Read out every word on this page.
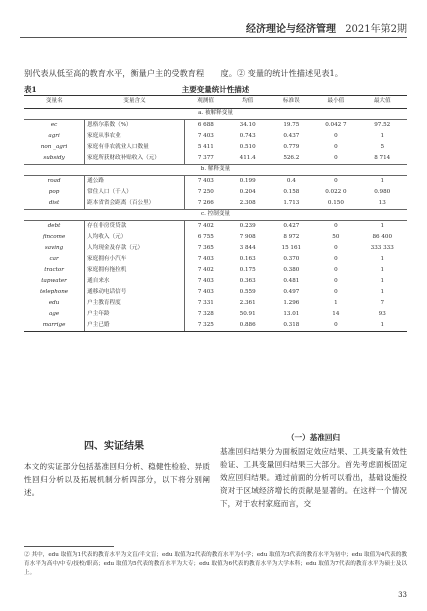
经济理论与经济管理 2021年第2期
别代表从低至高的教育水平，衡量户主的受教育程　　度。② 变量的统计性描述见表1。
表1	主要变量统计性描述
变量名	变量含义	观测值	均值	标准误	最小值	最大值
a. 被解释变量						
ec	恩格尔系数（%）	6 688	34.10	19.75	0.042 7	97.52
agri	家庭从事农业	7 403	0.743	0.437	0	1
non _agri	家庭有非农就业人口数量	5 411	0.510	0.779	0	5
subsidy	家庭所获财政补贴收入（元）	7 377	411.4	526.2	0	8 714
b. 解释变量						
road	通公路	7 403	0.199	0.4	0	1
pop	常住人口（千人）	7 250	0.204	0.158	0.022 0	0.980
dist	距本省省会距离（百公里）	7 266	2.308	1.713	0.150	13
c. 控制变量						
debt	存在非房贷贷款	7 402	0.239	0.427	0	1
fincome	人均收入（元）	6 755	7 908	8 972	50	86 400
saving	人均现金及存款（元）	7 365	3 844	15 161	0	333 333
car	家庭拥有小汽车	7 403	0.163	0.370	0	1
tractor	家庭拥有拖拉机	7 402	0.175	0.380	0	1
tapwater	通自来水	7 403	0.363	0.481	0	1
telephone	通移动电话信号	7 403	0.559	0.497	0	1
edu	户主教育程度	7 331	2.361	1.296	1	7
age	户主年龄	7 328	50.91	13.01	14	93
marrige	户主已婚	7 325	0.886	0.318	0	1
四、实证结果
本文的实证部分包括基准回归分析、稳健性检验、异质性回归分析以及拓展机制分析四部分，以下将分别阐述。
（一）基准回归
基准回归结果分为面板固定效应结果、工具变量有效性验证、工具变量回归结果三大部分。首先考虑面板固定效应回归结果。通过前面的分析可以看出，基础设施投资对于区域经济增长的贡献是显著的。在这样一个情况下，对于农村家庭而言，交
② 其中，edu 取值为1代表的教育水平为文盲/半文盲；edu 取值为2代表的教育水平为小学；edu 取值为3代表的教育水平为初中；edu 取值为4代表的教育水平为高中/中专/技校/职高；edu 取值为5代表的教育水平为大专；edu 取值为6代表的教育水平为大学本科；edu 取值为7代表的教育水平为硕士及以上。
33
